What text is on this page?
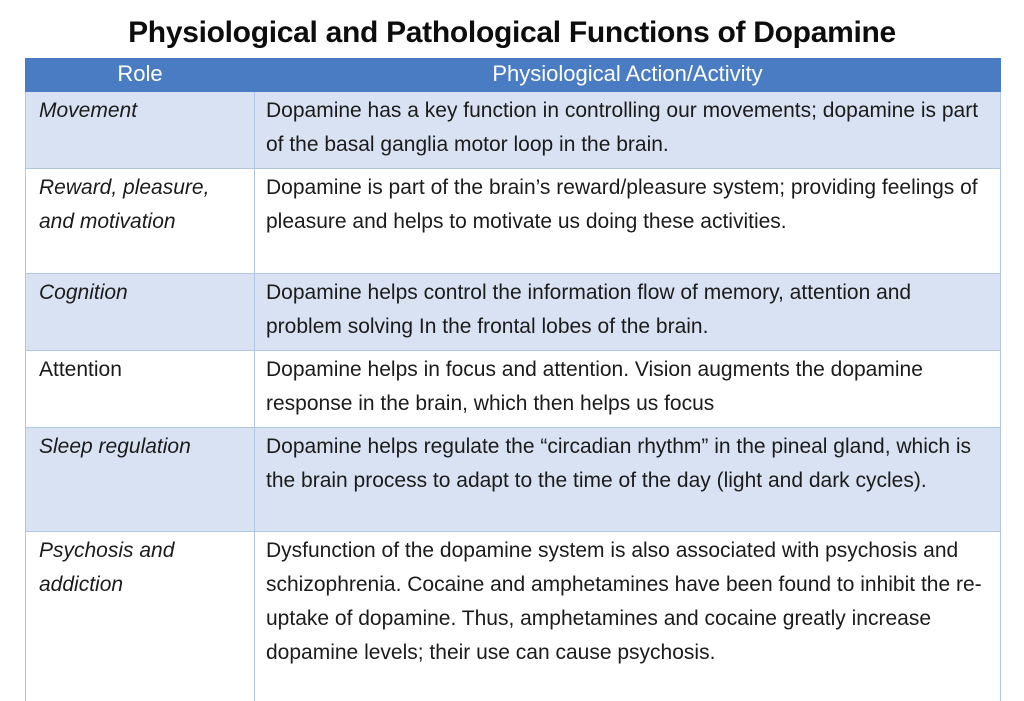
Physiological and Pathological Functions of Dopamine
Role	Physiological Action/Activity
Movement	Dopamine has a key function in controlling our movements; dopamine is part of the basal ganglia motor loop in the brain.
Reward, pleasure, and motivation	Dopamine is part of the brain’s reward/pleasure system; providing feelings of pleasure and helps to motivate us doing these activities.
Cognition	Dopamine helps control the information flow of memory, attention and problem solving In the frontal lobes of the brain.
Attention	Dopamine helps in focus and attention. Vision augments the dopamine response in the brain, which then helps us focus
Sleep regulation	Dopamine helps regulate the “circadian rhythm” in the pineal gland, which is the brain process to adapt to the time of the day (light and dark cycles).
Psychosis and addiction	Dysfunction of the dopamine system is also associated with psychosis and schizophrenia. Cocaine and amphetamines have been found to inhibit the re-uptake of dopamine. Thus, amphetamines and cocaine greatly increase dopamine levels; their use can cause psychosis.
